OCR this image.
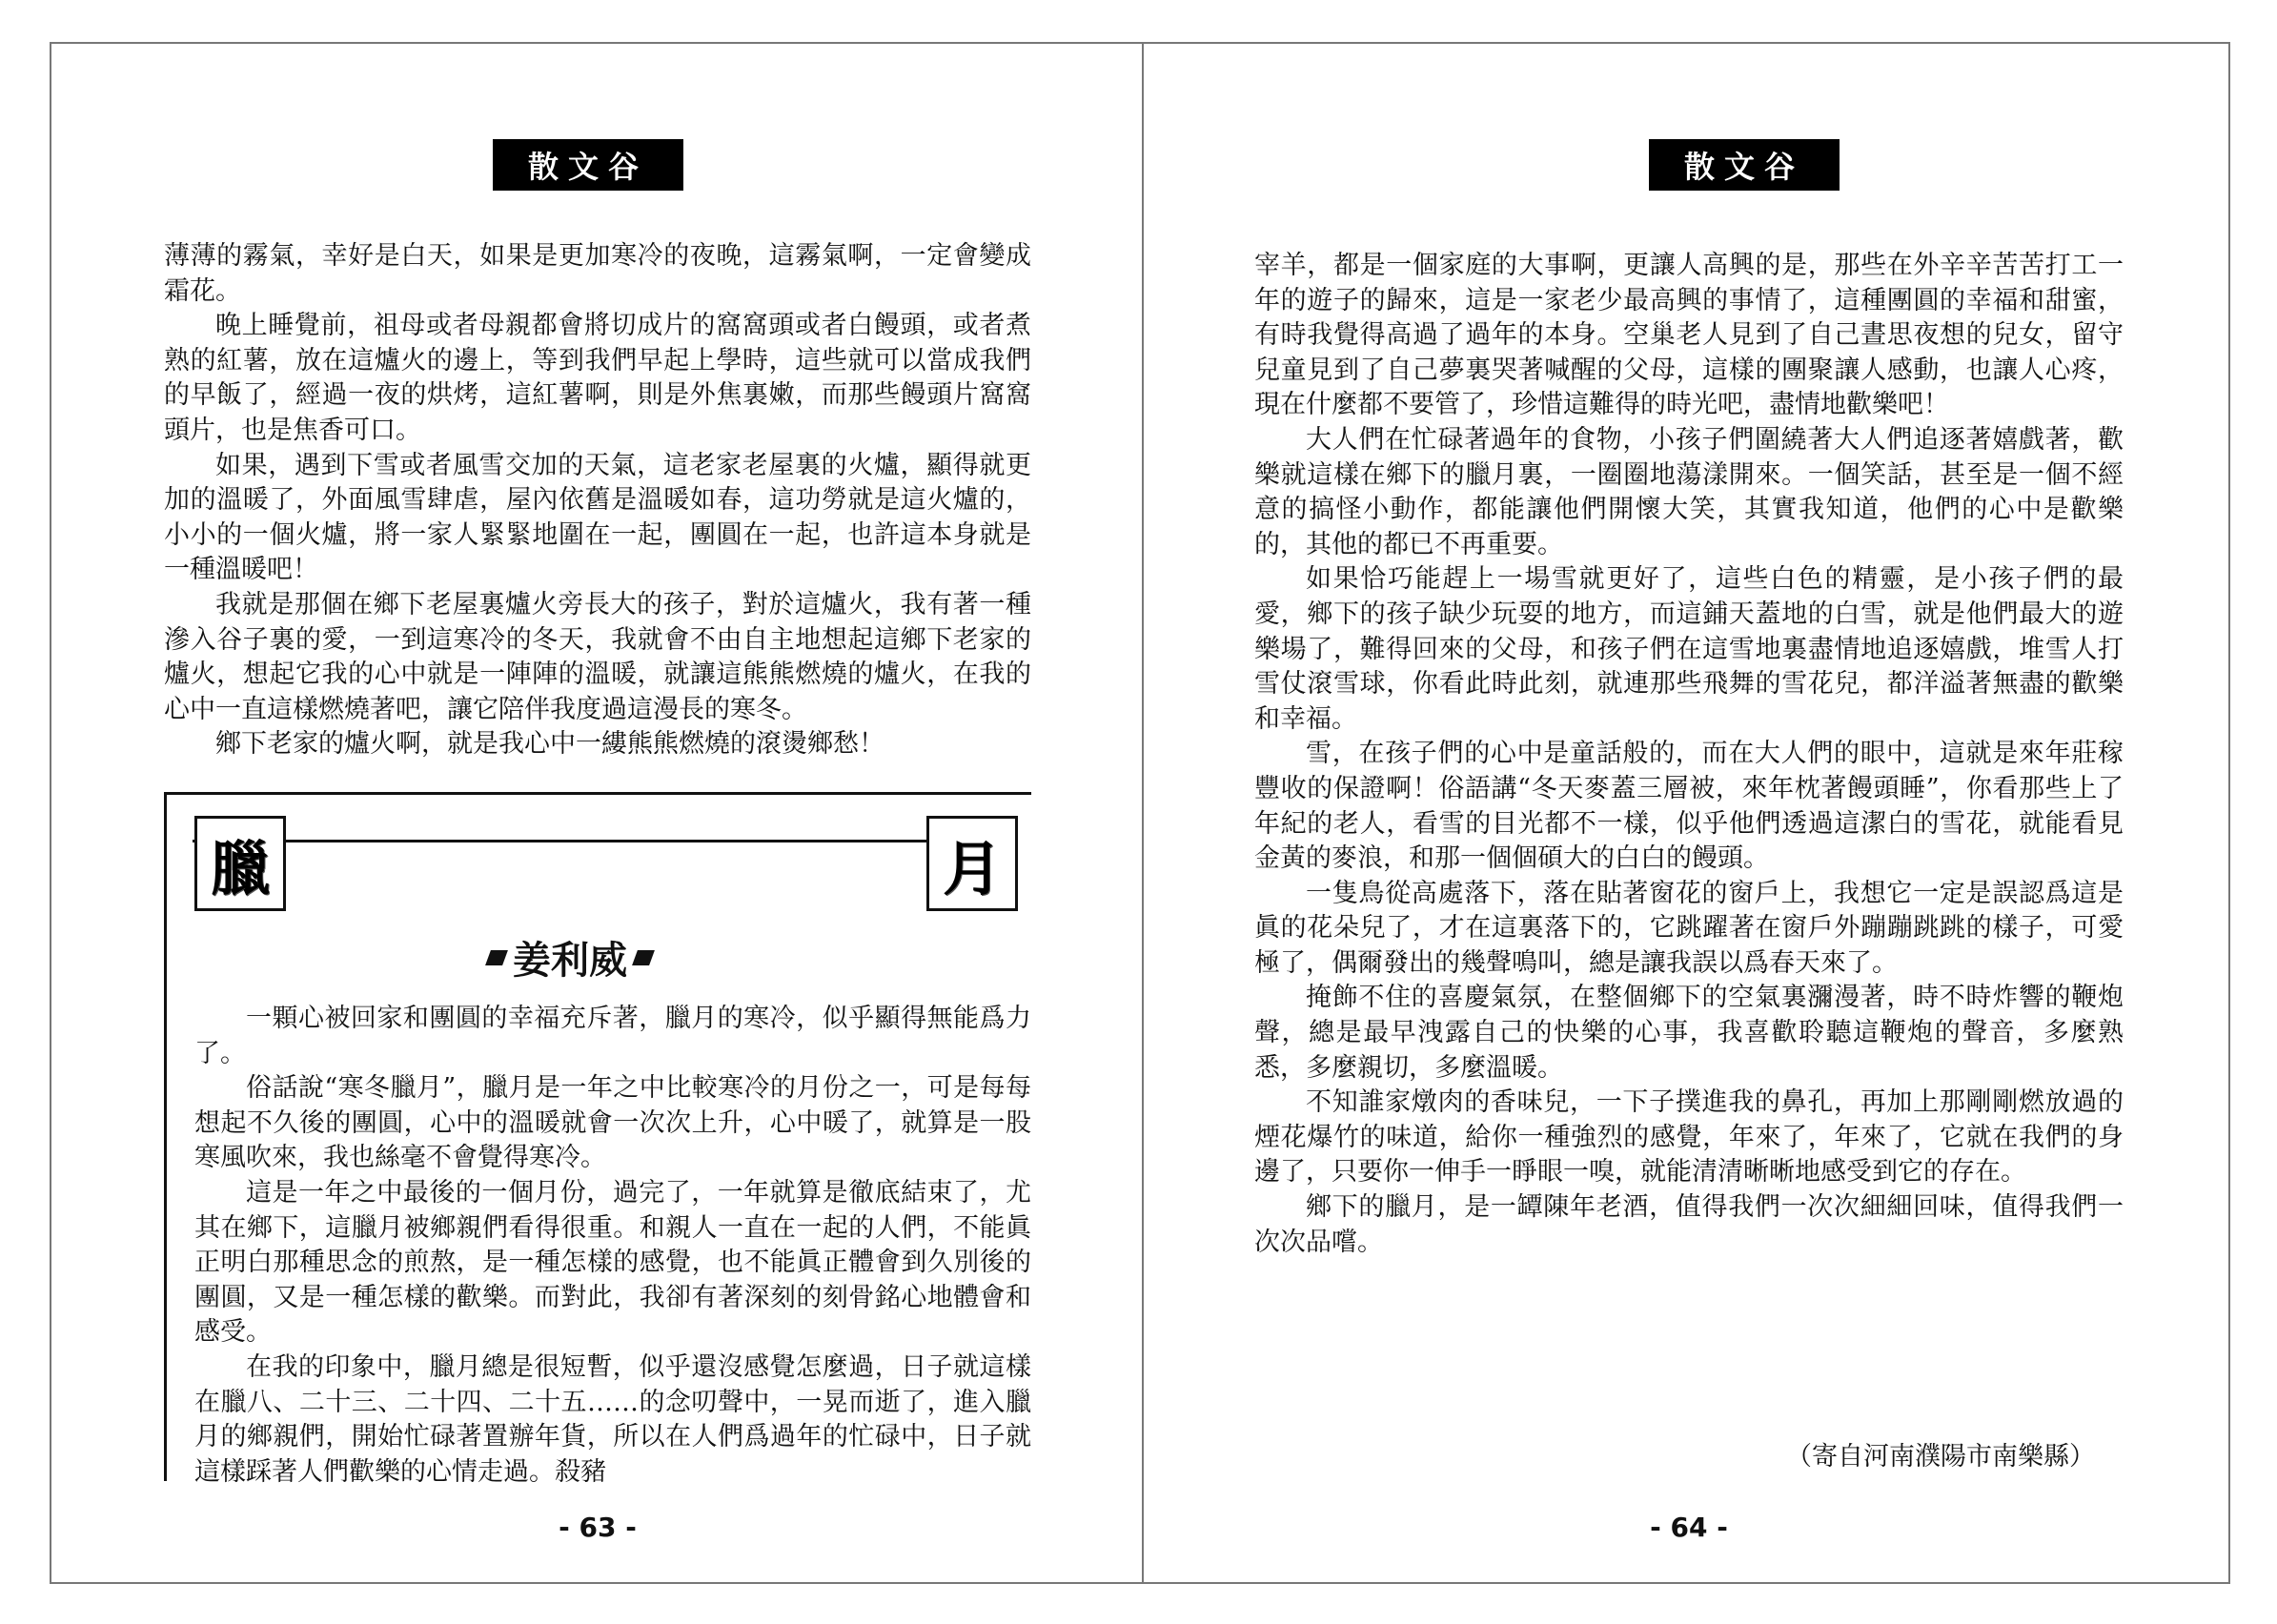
散文谷

薄薄的霧氣，幸好是白天，如果是更加寒冷的夜晚，這霧氣啊，一定會變成霜花。

晚上睡覺前，祖母或者母親都會將切成片的窩窩頭或者白饅頭，或者煮熟的紅薯，放在這爐火的邊上，等到我們早起上學時，這些就可以當成我們的早飯了，經過一夜的烘烤，這紅薯啊，則是外焦裏嫩，而那些饅頭片窩窩頭片，也是焦香可口。

如果，遇到下雪或者風雪交加的天氣，這老家老屋裏的火爐，顯得就更加的溫暖了，外面風雪肆虐，屋內依舊是溫暖如春，這功勞就是這火爐的，小小的一個火爐，將一家人緊緊地圍在一起，團圓在一起，也許這本身就是一種溫暖吧！

我就是那個在鄉下老屋裏爐火旁長大的孩子，對於這爐火，我有著一種滲入谷子裏的愛，一到這寒冷的冬天，我就會不由自主地想起這鄉下老家的爐火，想起它我的心中就是一陣陣的溫暖，就讓這熊熊燃燒的爐火，在我的心中一直這樣燃燒著吧，讓它陪伴我度過這漫長的寒冬。

鄉下老家的爐火啊，就是我心中一縷熊熊燃燒的滾燙鄉愁！

臘	月
姜利威

一顆心被回家和團圓的幸福充斥著，臘月的寒冷，似乎顯得無能爲力了。

俗話說“寒冬臘月”，臘月是一年之中比較寒冷的月份之一，可是每每想起不久後的團圓，心中的溫暖就會一次次上升，心中暖了，就算是一股寒風吹來，我也絲毫不會覺得寒冷。

這是一年之中最後的一個月份，過完了，一年就算是徹底結束了，尤其在鄉下，這臘月被鄉親們看得很重。和親人一直在一起的人們，不能眞正明白那種思念的煎熬，是一種怎樣的感覺，也不能眞正體會到久別後的團圓，又是一種怎樣的歡樂。而對此，我卻有著深刻的刻骨銘心地體會和感受。

在我的印象中，臘月總是很短暫，似乎還沒感覺怎麼過，日子就這樣在臘八、二十三、二十四、二十五……的念叨聲中，一晃而逝了，進入臘月的鄉親們，開始忙碌著置辦年貨，所以在人們爲過年的忙碌中，日子就這樣踩著人們歡樂的心情走過。殺豬

- 63 -
散文谷

宰羊，都是一個家庭的大事啊，更讓人高興的是，那些在外辛辛苦苦打工一年的遊子的歸來，這是一家老少最高興的事情了，這種團圓的幸福和甜蜜，有時我覺得高過了過年的本身。空巢老人見到了自己晝思夜想的兒女，留守兒童見到了自己夢裏哭著喊醒的父母，這樣的團聚讓人感動，也讓人心疼，現在什麼都不要管了，珍惜這難得的時光吧，盡情地歡樂吧！

大人們在忙碌著過年的食物，小孩子們圍繞著大人們追逐著嬉戲著，歡樂就這樣在鄉下的臘月裏，一圈圈地蕩漾開來。一個笑話，甚至是一個不經意的搞怪小動作，都能讓他們開懷大笑，其實我知道，他們的心中是歡樂的，其他的都已不再重要。

如果恰巧能趕上一場雪就更好了，這些白色的精靈，是小孩子們的最愛，鄉下的孩子缺少玩耍的地方，而這鋪天蓋地的白雪，就是他們最大的遊樂場了，難得回來的父母，和孩子們在這雪地裏盡情地追逐嬉戲，堆雪人打雪仗滾雪球，你看此時此刻，就連那些飛舞的雪花兒，都洋溢著無盡的歡樂和幸福。

雪，在孩子們的心中是童話般的，而在大人們的眼中，這就是來年莊稼豐收的保證啊！俗語講“冬天麥蓋三層被，來年枕著饅頭睡”，你看那些上了年紀的老人，看雪的目光都不一樣，似乎他們透過這潔白的雪花，就能看見金黃的麥浪，和那一個個碩大的白白的饅頭。

一隻鳥從高處落下，落在貼著窗花的窗戶上，我想它一定是誤認爲這是眞的花朵兒了，才在這裏落下的，它跳躍著在窗戶外蹦蹦跳跳的樣子，可愛極了，偶爾發出的幾聲鳴叫，總是讓我誤以爲春天來了。

掩飾不住的喜慶氣氛，在整個鄉下的空氣裏瀰漫著，時不時炸響的鞭炮聲，總是最早洩露自己的快樂的心事，我喜歡聆聽這鞭炮的聲音，多麼熟悉，多麼親切，多麼溫暖。

不知誰家燉肉的香味兒，一下子撲進我的鼻孔，再加上那剛剛燃放過的煙花爆竹的味道，給你一種強烈的感覺，年來了，年來了，它就在我們的身邊了，只要你一伸手一睜眼一嗅，就能清清晰晰地感受到它的存在。

鄉下的臘月，是一罈陳年老酒，值得我們一次次細細回味，值得我們一次次品嚐。

（寄自河南濮陽市南樂縣）
- 64 -
